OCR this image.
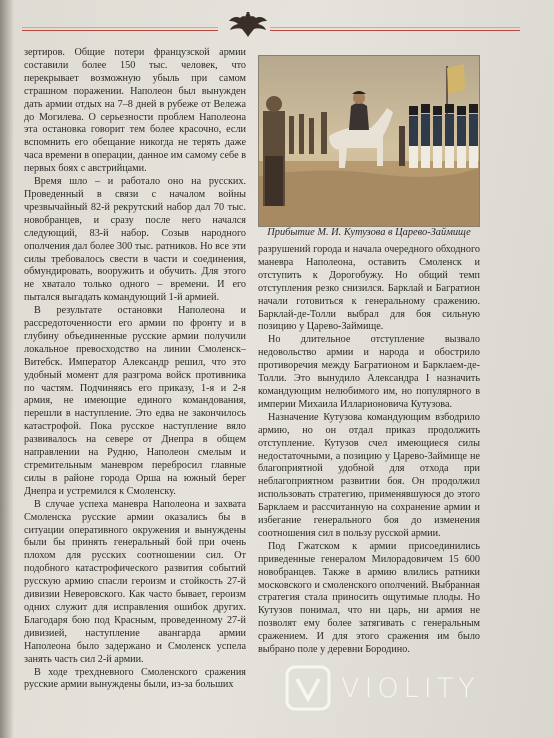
зертиров. Общие потери французской армии составили более 150 тыс. человек, что перекрывает возможную убыль при самом страшном поражении. Наполеон был вынужден дать армии отдых на 7–8 дней в рубеже от Вележа до Могилева. О серьезности проблем Наполеона эта остановка говорит тем более красочно, если вспомнить его обещание никогда не терять даже часа времени в операции, данное им самому себе в первых боях с австрийцами.

Время шло – и работало оно на русских. Проведенный в связи с началом войны чрезвычайный 82-й рекрутский набор дал 70 тыс. новобранцев, и сразу после него начался следующий, 83-й набор. Созыв народного ополчения дал более 300 тыс. ратников. Но все эти силы требовалось свести в части и соединения, обмундировать, вооружить и обучить. Для этого не хватало только одного – времени. И его пытался выгадать командующий 1-й армией.

В результате остановки Наполеона и рассредоточенности его армии по фронту и в глубину объединенные русские армии получили локальное превосходство на линии Смоленск–Витебск. Император Александр решил, что это удобный момент для разгрома войск противника по частям. Подчиняясь его приказу, 1-я и 2-я армия, не имеющие единого командования, перешли в наступление. Это едва не закончилось катастрофой. Пока русское наступление вяло развивалось на севере от Днепра в общем направлении на Рудню, Наполеон смелым и стремительным маневром перебросил главные силы в районе города Орша на южный берег Днепра и устремился к Смоленску.

В случае успеха маневра Наполеона и захвата Смоленска русские армии оказались бы в ситуации оперативного окружения и вынуждены были бы принять генеральный бой при очень плохом для русских соотношении сил. От подобного катастрофического развития событий русскую армию спасли героизм и стойкость 27-й дивизии Неверовского. Как часто бывает, героизм одних служит для исправления ошибок других. Благодаря бою под Красным, проведенному 27-й дивизией, наступление авангарда армии Наполеона было задержано и Смоленск успела занять часть сил 2-й армии.

В ходе трехдневного Смоленского сражения русские армии вынуждены были, из-за больших

Прибытие М. И. Кутузова в Царево-Займище

разрушений города и начала очередного обходного маневра Наполеона, оставить Смоленск и отступить к Дорогобужу. Но общий темп отступления резко снизился. Барклай и Багратион начали готовиться к генеральному сражению. Барклай-де-Толли выбрал для боя сильную позицию у Царево-Займище.

Но длительное отступление вызвало недовольство армии и народа и обострило противоречия между Багратионом и Барклаем-де-Толли. Это вынудило Александра I назначить командующим нелюбимого им, но популярного в империи Михаила Илларионовича Кутузова.

Назначение Кутузова командующим взбодрило армию, но он отдал приказ продолжить отступление. Кутузов счел имеющиеся силы недостаточными, а позицию у Царево-Займище не благоприятной удобной для отхода при неблагоприятном развитии боя. Он продолжил использовать стратегию, применявшуюся до этого Барклаем и рассчитанную на сохранение армии и избегание генерального боя до изменения соотношения сил в пользу русской армии.

Под Гжатском к армии присоединились приведенные генералом Милорадовичем 15 600 новобранцев. Также в армию влились ратники московского и смоленского ополчений. Выбранная стратегия стала приносить ощутимые плоды. Но Кутузов понимал, что ни царь, ни армия не позволят ему более затягивать с генеральным сражением. И для этого сражения им было выбрано поле у деревни Бородино.

VIOLITY
